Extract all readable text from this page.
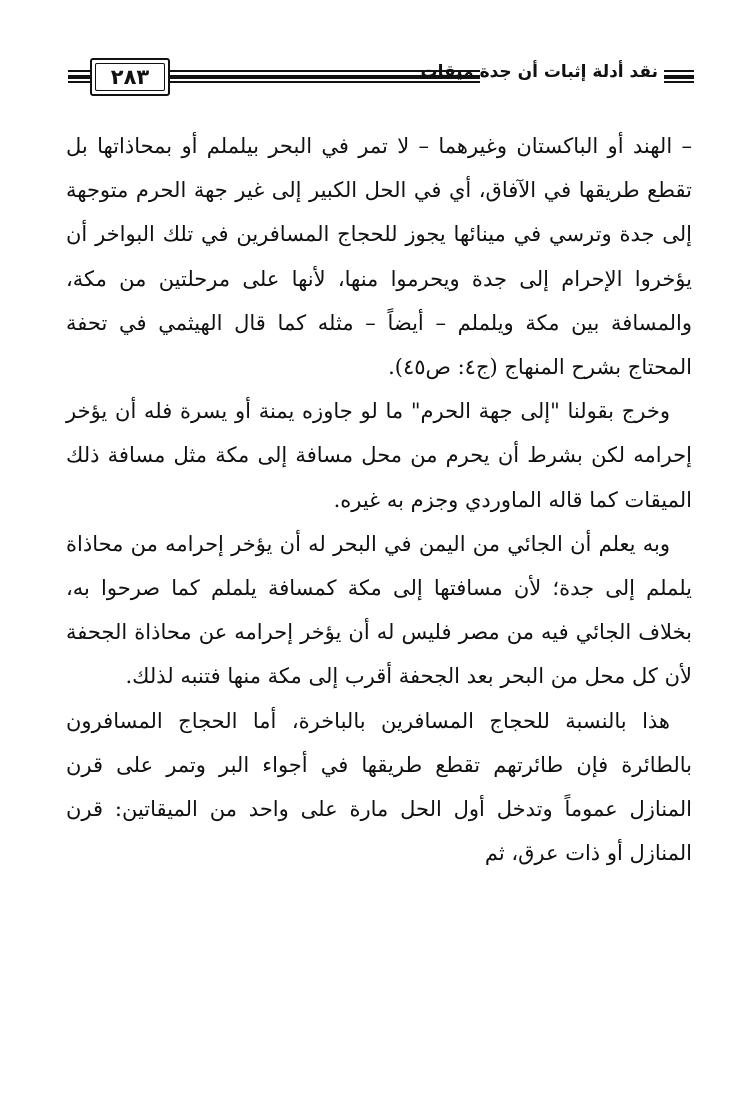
٢٨٣	نقد أدلة إثبات أن جدة ميقات

– الهند أو الباكستان وغيرهما – لا تمر في البحر بيلملم أو بمحاذاتها بل تقطع طريقها في الآفاق، أي في الحل الكبير إلى غير جهة الحرم متوجهة إلى جدة وترسي في مينائها يجوز للحجاج المسافرين في تلك البواخر أن يؤخروا الإحرام إلى جدة ويحرموا منها، لأنها على مرحلتين من مكة، والمسافة بين مكة ويلملم – أيضاً – مثله كما قال الهيثمي في تحفة المحتاج بشرح المنهاج (ج٤: ص٤٥).

وخرج بقولنا "إلى جهة الحرم" ما لو جاوزه يمنة أو يسرة فله أن يؤخر إحرامه لكن بشرط أن يحرم من محل مسافة إلى مكة مثل مسافة ذلك الميقات كما قاله الماوردي وجزم به غيره.

وبه يعلم أن الجائي من اليمن في البحر له أن يؤخر إحرامه من محاذاة يلملم إلى جدة؛ لأن مسافتها إلى مكة كمسافة يلملم كما صرحوا به، بخلاف الجائي فيه من مصر فليس له أن يؤخر إحرامه عن محاذاة الجحفة لأن كل محل من البحر بعد الجحفة أقرب إلى مكة منها فتنبه لذلك.

هذا بالنسبة للحجاج المسافرين بالباخرة، أما الحجاج المسافرون بالطائرة فإن طائرتهم تقطع طريقها في أجواء البر وتمر على قرن المنازل عموماً وتدخل أول الحل مارة على واحد من الميقاتين: قرن المنازل أو ذات عرق، ثم
